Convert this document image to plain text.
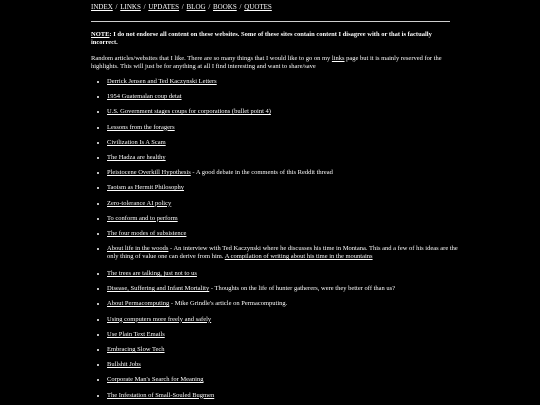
INDEX / LINKS / UPDATES / BLOG / BOOKS / QUOTES
NOTE: I do not endorse all content on these websites. Some of these sites contain content I disagree with or that is factually incorrect.
Random articles/websites that I like. There are so many things that I would like to go on my links page but it is mainly reserved for the highlights. This will just be for anything at all I find interesting and want to share/save
• Derrick Jensen and Ted Kaczynski Letters
• 1954 Guatemalan coup detat
• U.S. Government stages coups for corporations (bullet point 4)
• Lessons from the foragers
• Civilization Is A Scam
• The Hadza are healthy
• Pleistocene Overkill Hypothesis - A good debate in the comments of this Reddit thread
• Taoism as Hermit Philosophy
• Zero-tolerance AI policy
• To conform and to perform
• The four modes of subsistence
• About life in the woods - An interview with Ted Kaczynski where he discusses his time in Montana. This and a few of his ideas are the only thing of value one can derive from him. A compilation of writing about his time in the mountains
• The trees are talking, just not to us
• Disease, Suffering and Infant Mortality - Thoughts on the life of hunter gatherers, were they better off than us?
• About Permacomputing - Mike Grindle's article on Permacomputing.
• Using computers more freely and safely
• Use Plain Text Emails
• Embracing Slow Tech
• Bullshit Jobs
• Corporate Man's Search for Meaning
• The Infestation of Small-Souled Bugmen
